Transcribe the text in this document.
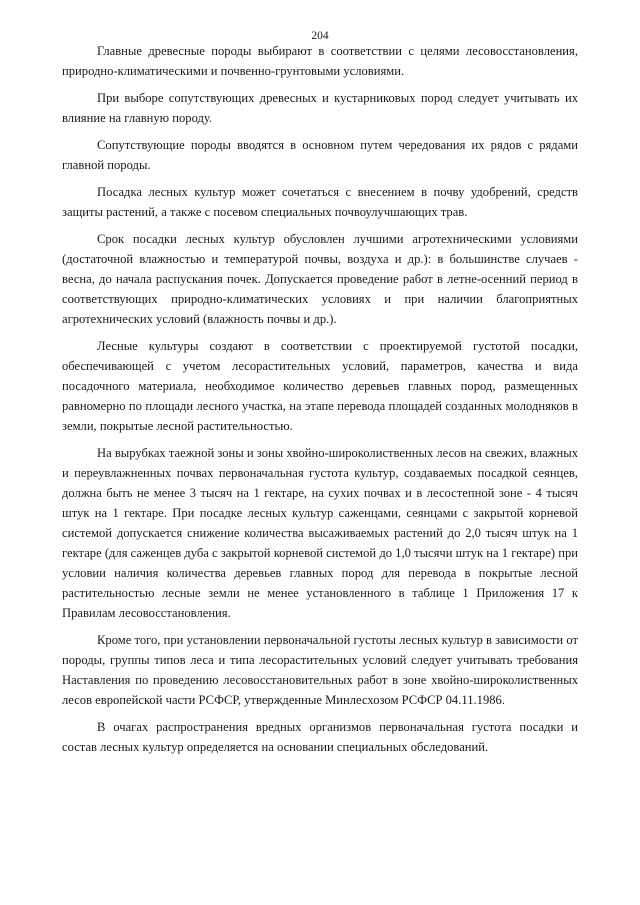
204

Главные древесные породы выбирают в соответствии с целями лесовосстановления, природно-климатическими и почвенно-грунтовыми условиями.

При выборе сопутствующих древесных и кустарниковых пород следует учитывать их влияние на главную породу.

Сопутствующие породы вводятся в основном путем чередования их рядов с рядами главной породы.

Посадка лесных культур может сочетаться с внесением в почву удобрений, средств защиты растений, а также с посевом специальных почвоулучшающих трав.

Срок посадки лесных культур обусловлен лучшими агротехническими условиями (достаточной влажностью и температурой почвы, воздуха и др.): в большинстве случаев - весна, до начала распускания почек. Допускается проведение работ в летне-осенний период в соответствующих природно-климатических условиях и при наличии благоприятных агротехнических условий (влажность почвы и др.).

Лесные культуры создают в соответствии с проектируемой густотой посадки, обеспечивающей с учетом лесорастительных условий, параметров, качества и вида посадочного материала, необходимое количество деревьев главных пород, размещенных равномерно по площади лесного участка, на этапе перевода площадей созданных молодняков в земли, покрытые лесной растительностью.

На вырубках таежной зоны и зоны хвойно-широколиственных лесов на свежих, влажных и переувлажненных почвах первоначальная густота культур, создаваемых посадкой сеянцев, должна быть не менее 3 тысяч на 1 гектаре, на сухих почвах и в лесостепной зоне - 4 тысяч штук на 1 гектаре. При посадке лесных культур саженцами, сеянцами с закрытой корневой системой допускается снижение количества высаживаемых растений до 2,0 тысяч штук на 1 гектаре (для саженцев дуба с закрытой корневой системой до 1,0 тысячи штук на 1 гектаре) при условии наличия количества деревьев главных пород для перевода в покрытые лесной растительностью лесные земли не менее установленного в таблице 1 Приложения 17 к Правилам лесовосстановления.

Кроме того, при установлении первоначальной густоты лесных культур в зависимости от породы, группы типов леса и типа лесорастительных условий следует учитывать требования Наставления по проведению лесовосстановительных работ в зоне хвойно-широколиственных лесов европейской части РСФСР, утвержденные Минлесхозом РСФСР 04.11.1986.

В очагах распространения вредных организмов первоначальная густота посадки и состав лесных культур определяется на основании специальных обследований.
